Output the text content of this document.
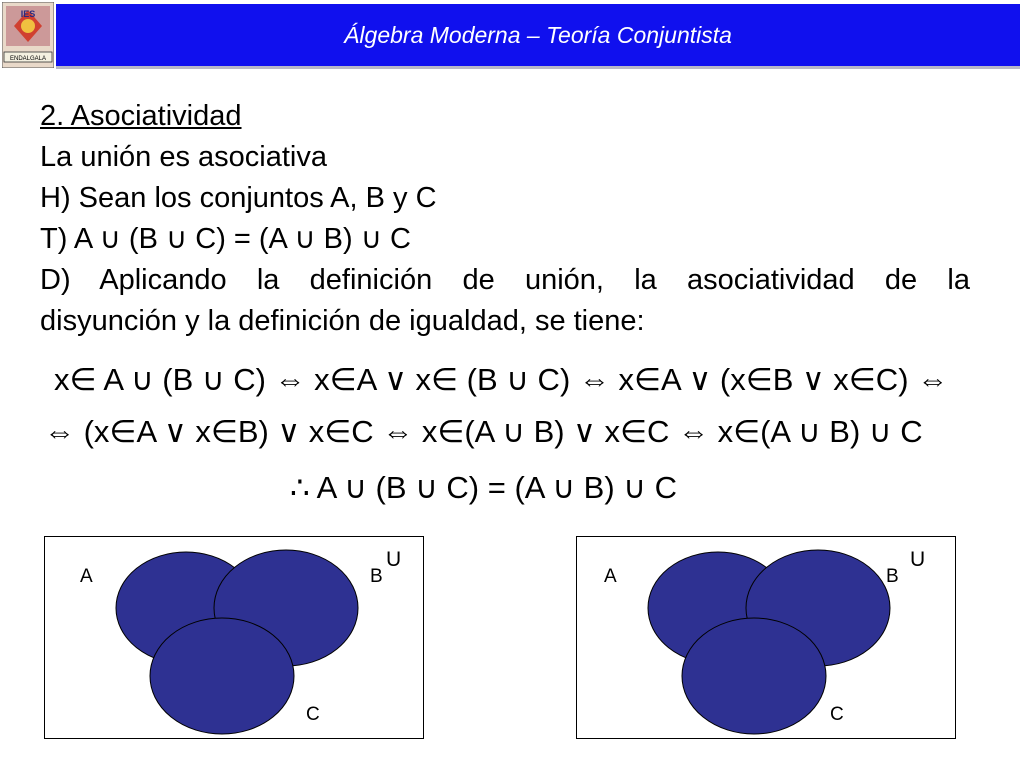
IES
ENDALGALA
Álgebra Moderna – Teoría Conjuntista
2. Asociatividad
La unión es asociativa
H) Sean los conjuntos A, B y C
T) A ∪ (B ∪ C) = (A ∪ B) ∪ C
D) Aplicando la definición de unión, la asociatividad de la
disyunción y la definición de igualdad, se tiene:
x∈ A ∪ (B ∪ C) ⇔ x∈A ∨ x∈ (B ∪ C) ⇔ x∈A ∨ (x∈B ∨ x∈C) ⇔
⇔ (x∈A ∨ x∈B) ∨ x∈C ⇔ x∈(A ∪ B) ∨ x∈C ⇔ x∈(A ∪ B) ∪ C
∴ A ∪ (B ∪ C) = (A ∪ B) ∪ C
A	B
U
C
A	B
U
C
